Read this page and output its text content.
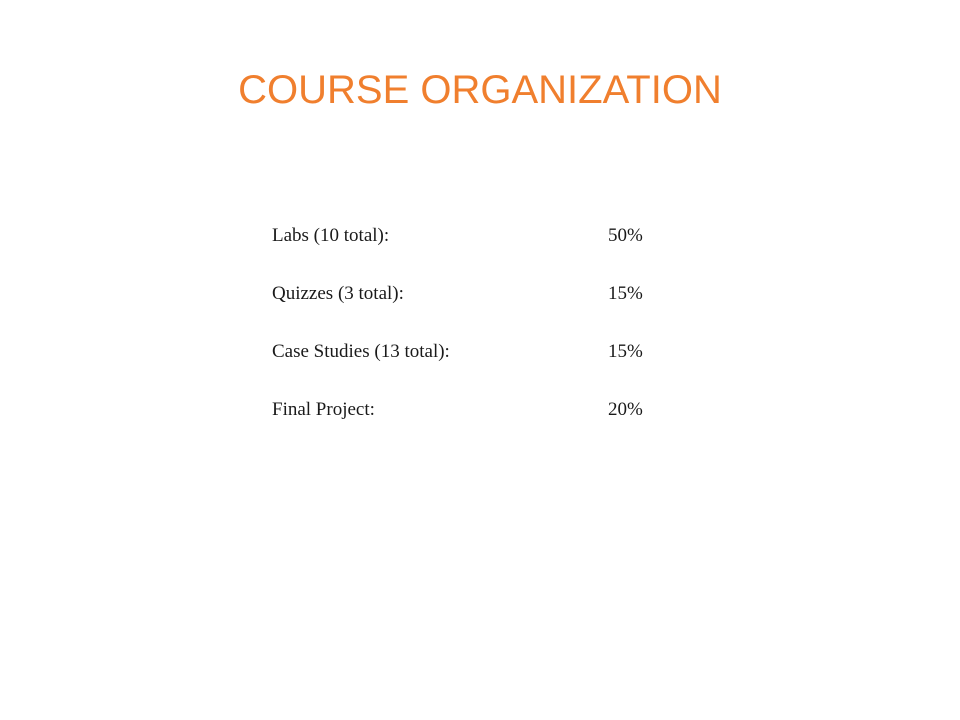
COURSE ORGANIZATION
Labs (10 total):	50%
Quizzes (3 total):	15%
Case Studies (13 total):	15%
Final Project:	20%
